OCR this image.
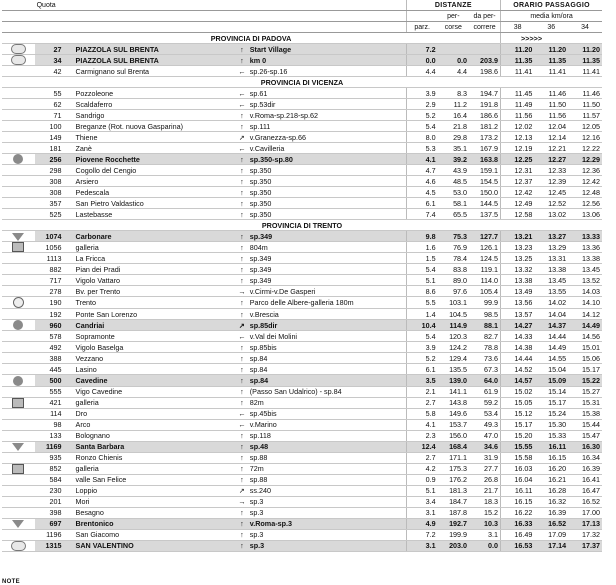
	Quota				DISTANZE			ORARIO PASSAGGIO		
						per-	da per-	media km/ora		
					parz.	corse	correre	38	36	34
PROVINCIA DI PADOVA								>>>>>		
	27	PIAZZOLA SUL BRENTA	↑	Start Village	7.2			11.20	11.20	11.20
	34	PIAZZOLA SUL BRENTA	↑	km 0	0.0	0.0	203.9	11.35	11.35	11.35
	42	Carmignano sul Brenta	←	sp.26-sp.16	4.4	4.4	198.6	11.41	11.41	11.41
PROVINCIA DI VICENZA										
	55	Pozzoleone	←	sp.61	3.9	8.3	194.7	11.45	11.46	11.46
	62	Scaldaferro	←	sp.53dir	2.9	11.2	191.8	11.49	11.50	11.50
	71	Sandrigo	↑	v.Roma-sp.218-sp.62	5.2	16.4	186.6	11.56	11.56	11.57
	100	Breganze (Rot. nuova Gasparina)	↑	sp.111	5.4	21.8	181.2	12.02	12.04	12.05
	149	Thiene	↗	v.Granezza-sp.66	8.0	29.8	173.2	12.13	12.14	12.16
	181	Zanè	←	v.Cavilleria	5.3	35.1	167.9	12.19	12.21	12.22
	256	Piovene Rocchette	↑	sp.350-sp.80	4.1	39.2	163.8	12.25	12.27	12.29
	298	Cogollo del Cengio	↑	sp.350	4.7	43.9	159.1	12.31	12.33	12.36
	308	Arsiero	↑	sp.350	4.6	48.5	154.5	12.37	12.39	12.42
	308	Pedescala	↑	sp.350	4.5	53.0	150.0	12.42	12.45	12.48
	357	San Pietro Valdastico	↑	sp.350	6.1	58.1	144.5	12.49	12.52	12.56
	525	Lastebasse	↑	sp.350	7.4	65.5	137.5	12.58	13.02	13.06
PROVINCIA DI TRENTO										
	1074	Carbonare	↑	sp.349	9.8	75.3	127.7	13.21	13.27	13.33
	1056	galleria	↑	804m	1.6	76.9	126.1	13.23	13.29	13.36
	1113	La Fricca	↑	sp.349	1.5	78.4	124.5	13.25	13.31	13.38
	882	Pian dei Pradi	↑	sp.349	5.4	83.8	119.1	13.32	13.38	13.45
	717	Vigolo Vattaro	↑	sp.349	5.1	89.0	114.0	13.38	13.45	13.52
	278	Bv. per Trento	→	v.Cirmi-v.De Gasperi	8.6	97.6	105.4	13.49	13.55	14.03
	190	Trento	↑	Parco delle Albere-galleria 180m	5.5	103.1	99.9	13.56	14.02	14.10
	192	Ponte San Lorenzo	↑	v.Brescia	1.4	104.5	98.5	13.57	14.04	14.12
	960	Candriai	↗	sp.85dir	10.4	114.9	88.1	14.27	14.37	14.49
	578	Sopramonte	←	v.Val dei Molini	5.4	120.3	82.7	14.33	14.44	14.56
	492	Vigolo Baselga	↑	sp.85bis	3.9	124.2	78.8	14.38	14.49	15.01
	388	Vezzano	↑	sp.84	5.2	129.4	73.6	14.44	14.55	15.06
	445	Lasino	↑	sp.84	6.1	135.5	67.3	14.52	15.04	15.17
	500	Cavedine	↑	sp.84	3.5	139.0	64.0	14.57	15.09	15.22
	555	Vigo Cavedine	↑	(Passo San Udalrico) - sp.84	2.1	141.1	61.9	15.02	15.14	15.27
	421	galleria	↑	82m	2.7	143.8	59.2	15.05	15.17	15.31
	114	Dro	←	sp.45bis	5.8	149.6	53.4	15.12	15.24	15.38
	98	Arco	←	v.Marino	4.1	153.7	49.3	15.17	15.30	15.44
	133	Bolognano	↑	sp.118	2.3	156.0	47.0	15.20	15.33	15.47
	1169	Santa Barbara	↑	sp.48	12.4	168.4	34.6	15.55	16.11	16.30
	935	Ronzo Chienis	↑	sp.88	2.7	171.1	31.9	15.58	16.15	16.34
	852	galleria	↑	72m	4.2	175.3	27.7	16.03	16.20	16.39
	584	valle San Felice	↑	sp.88	0.9	176.2	26.8	16.04	16.21	16.41
	230	Loppio	↗	ss.240	5.1	181.3	21.7	16.11	16.28	16.47
	201	Mori	→	sp.3	3.4	184.7	18.3	16.15	16.32	16.52
	398	Besagno	↑	sp.3	3.1	187.8	15.2	16.22	16.39	17.00
	697	Brentonico	↑	v.Roma-sp.3	4.9	192.7	10.3	16.33	16.52	17.13
	1196	San Giacomo	↑	sp.3	7.2	199.9	3.1	16.49	17.09	17.32
	1315	SAN VALENTINO	↑	sp.3	3.1	203.0	0.0	16.53	17.14	17.37
NOTE
